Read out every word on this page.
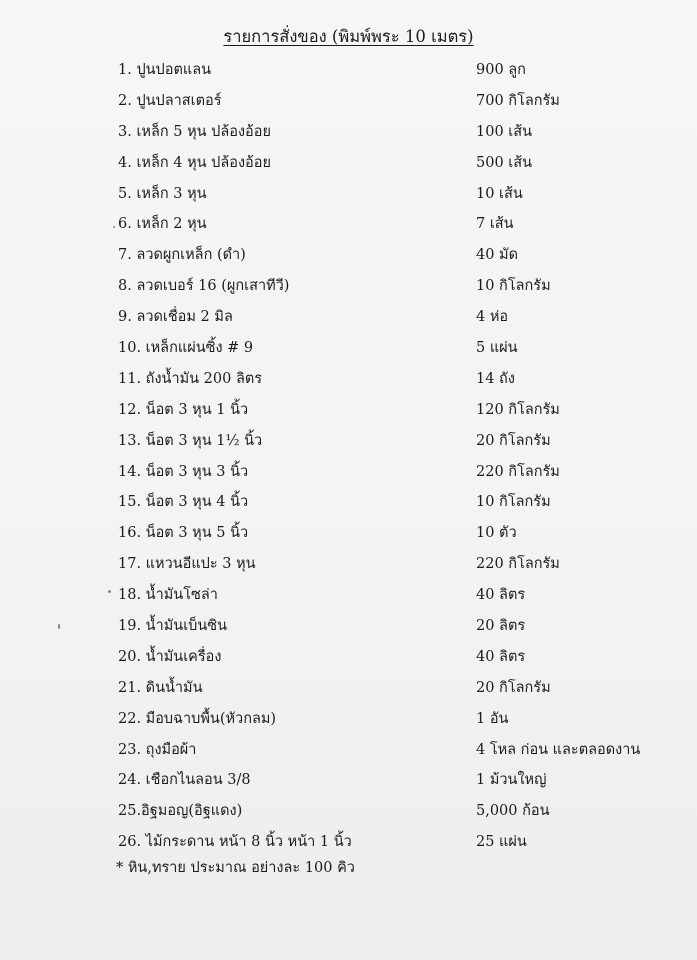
รายการสั่งของ (พิมพ์พระ 10 เมตร)
1. ปูนปอตแลน	900 ลูก
2. ปูนปลาสเตอร์	700 กิโลกรัม
3. เหล็ก 5 หุน ปล้องอ้อย	100 เส้น
4. เหล็ก 4 หุน ปล้องอ้อย	500 เส้น
5. เหล็ก 3 หุน	10 เส้น
6. เหล็ก 2 หุน	7 เส้น
7. ลวดผูกเหล็ก (ดำ)	40 มัด
8. ลวดเบอร์ 16 (ผูกเสาทีวี)	10 กิโลกรัม
9. ลวดเชื่อม 2 มิล	4 ห่อ
10. เหล็กแผ่นซิ้ง # 9	5 แผ่น
11. ถังน้ำมัน 200 ลิตร	14 ถัง
12. น็อต 3 หุน 1 นิ้ว	120 กิโลกรัม
13. น็อต 3 หุน 1½ นิ้ว	20 กิโลกรัม
14. น็อต 3 หุน 3 นิ้ว	220 กิโลกรัม
15. น็อต 3 หุน 4 นิ้ว	10 กิโลกรัม
16. น็อต 3 หุน 5 นิ้ว	10 ตัว
17. แหวนอีแปะ 3 หุน	220 กิโลกรัม
18. น้ำมันโซล่า	40 ลิตร
19. น้ำมันเบ็นซิน	20 ลิตร
20. น้ำมันเครื่อง	40 ลิตร
21. ดินน้ำมัน	20 กิโลกรัม
22. มือบฉาบพื้น(หัวกลม)	1 อัน
23. ถุงมือผ้า	4 โหล ก่อน และตลอดงาน
24. เชือกไนลอน 3/8	1 ม้วนใหญ่
25.อิฐมอญ(อิฐแดง)	5,000 ก้อน
26. ไม้กระดาน หน้า 8 นิ้ว หน้า 1 นิ้ว	25 แผ่น
* หิน,ทราย ประมาณ อย่างละ 100 คิว
